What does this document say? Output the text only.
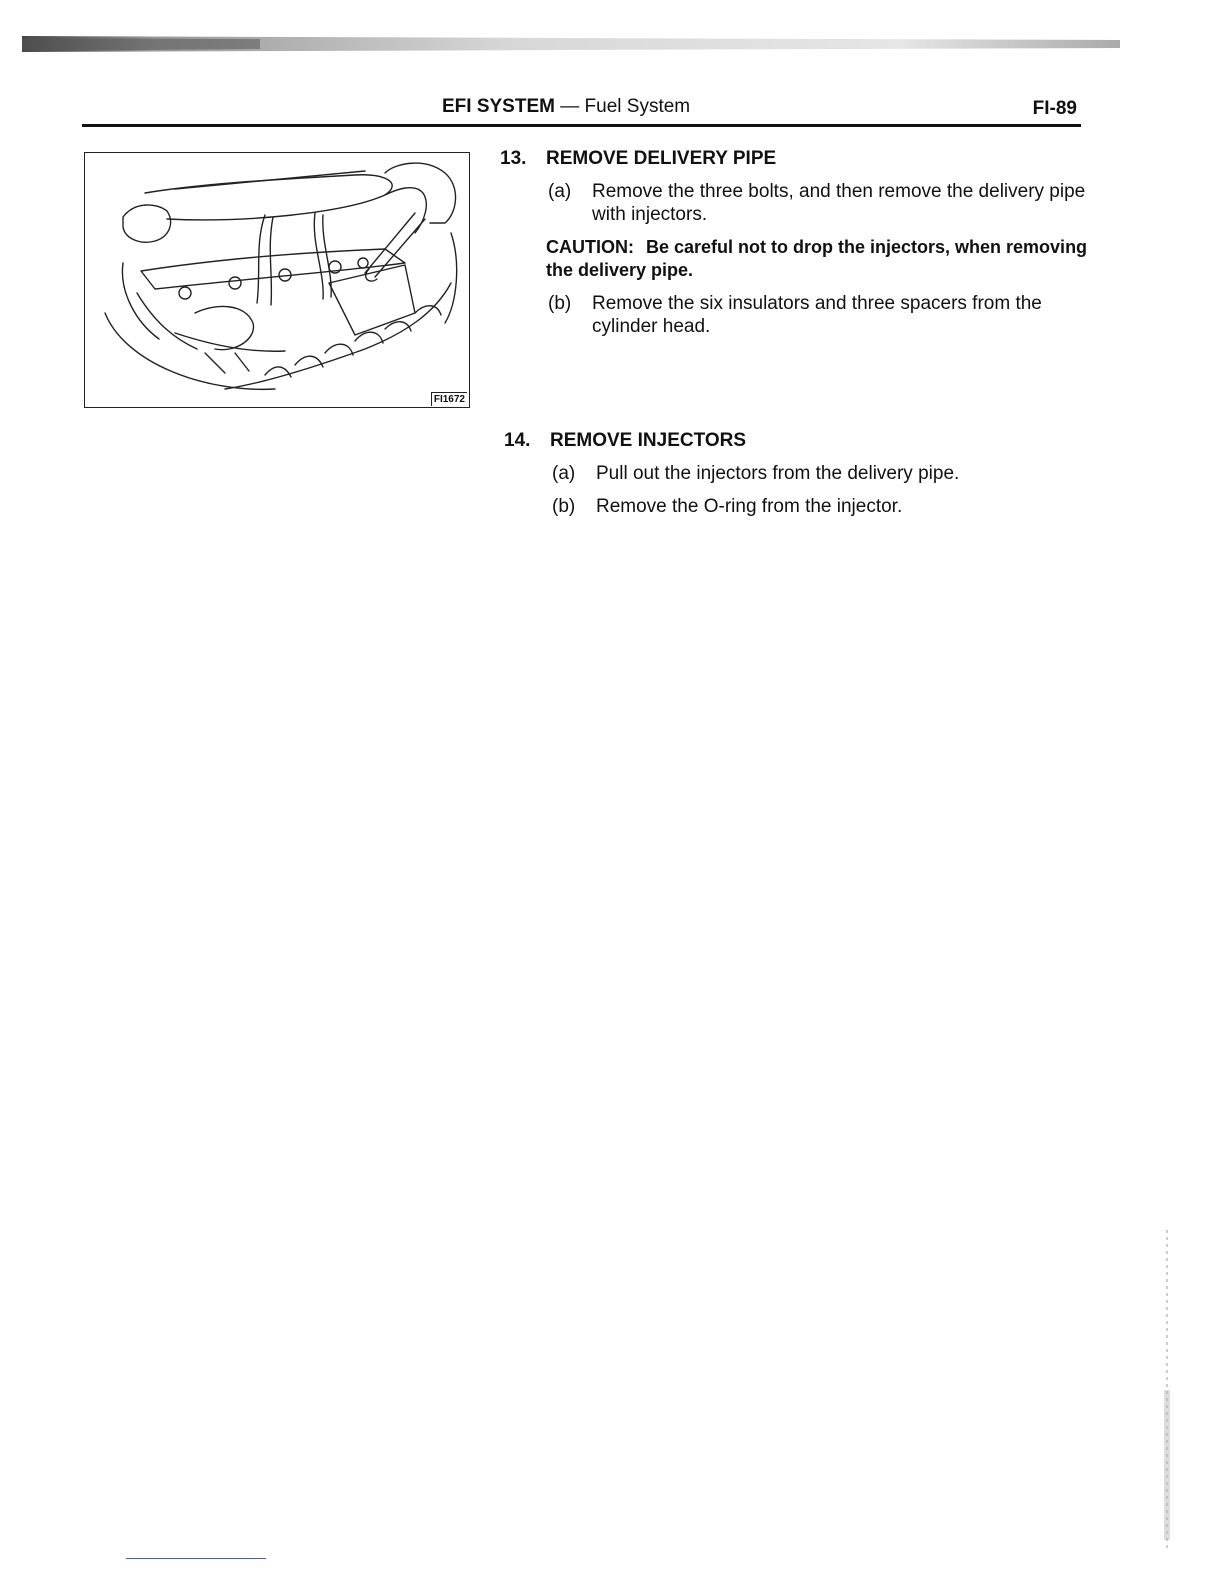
EFI SYSTEM — Fuel System	FI-89
FI1672
13. REMOVE DELIVERY PIPE
(a) Remove the three bolts, and then remove the delivery pipe with injectors.
CAUTION: Be careful not to drop the injectors, when removing the delivery pipe.
(b) Remove the six insulators and three spacers from the cylinder head.
14. REMOVE INJECTORS
(a) Pull out the injectors from the delivery pipe.
(b) Remove the O-ring from the injector.
